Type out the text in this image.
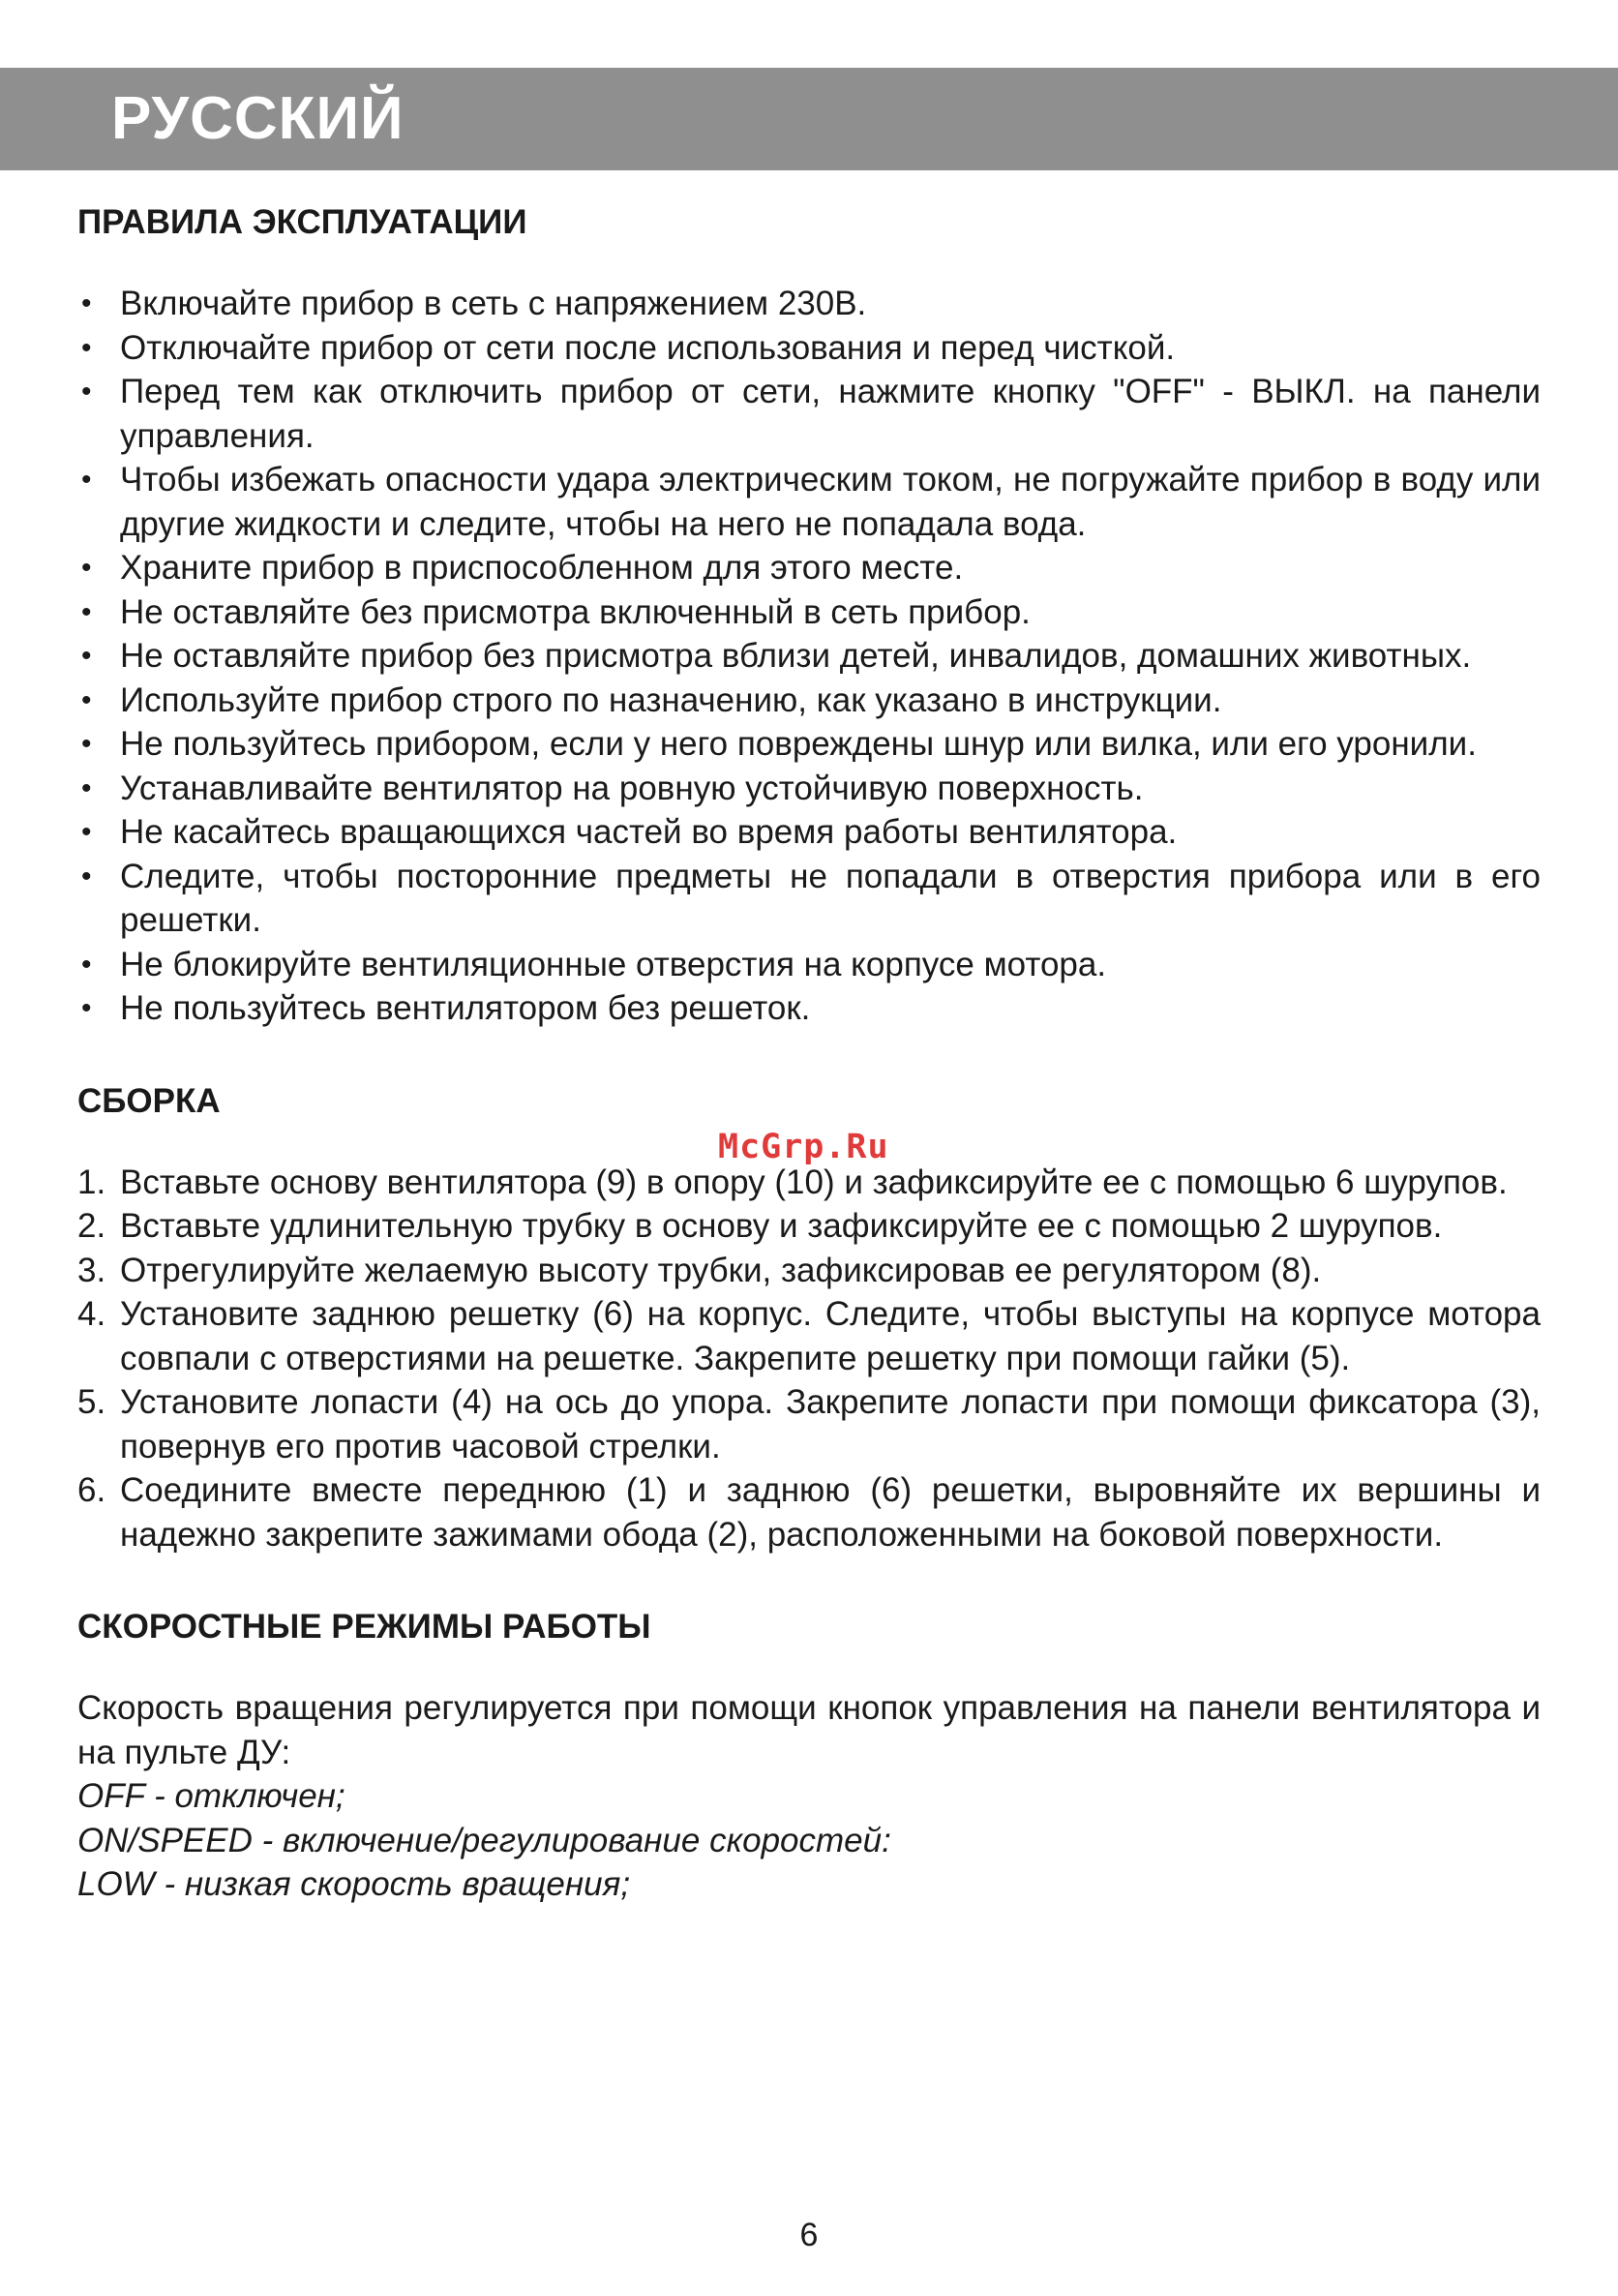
РУССКИЙ
ПРАВИЛА ЭКСПЛУАТАЦИИ
• Включайте прибор в сеть с напряжением 230В.
• Отключайте прибор от сети после использования и перед чисткой.
• Перед тем как отключить прибор от сети, нажмите кнопку "OFF" - ВЫКЛ. на панели управления.
• Чтобы избежать опасности удара электрическим током, не погружайте прибор в воду или другие жидкости и следите, чтобы на него не попадала вода.
• Храните прибор в приспособленном для этого месте.
• Не оставляйте без присмотра включенный в сеть прибор.
• Не оставляйте прибор без присмотра вблизи детей, инвалидов, домашних животных.
• Используйте прибор строго по назначению, как указано в инструкции.
• Не пользуйтесь прибором, если у него повреждены шнур или вилка, или его уронили.
• Устанавливайте вентилятор на ровную устойчивую поверхность.
• Не касайтесь вращающихся частей во время работы вентилятора.
• Следите, чтобы посторонние предметы не попадали в отверстия прибора или в его решетки.
• Не блокируйте вентиляционные отверстия на корпусе мотора.
• Не пользуйтесь вентилятором без решеток.
СБОРКА
1. Вставьте основу вентилятора (9) в опору (10) и зафиксируйте ее с помощью 6 шурупов.
2. Вставьте удлинительную трубку в основу и зафиксируйте ее с помощью 2 шурупов.
3. Отрегулируйте желаемую высоту трубки, зафиксировав ее регулятором (8).
4. Установите заднюю решетку (6) на корпус. Следите, чтобы выступы на корпусе мотора совпали с отверстиями на решетке. Закрепите решетку при помощи гайки (5).
5. Установите лопасти (4) на ось до упора. Закрепите лопасти при помощи фиксатора (3), повернув его против часовой стрелки.
6. Соедините вместе переднюю (1) и заднюю (6) решетки, выровняйте их вершины и надежно закрепите зажимами обода (2), расположенными на боковой поверхности.
СКОРОСТНЫЕ РЕЖИМЫ РАБОТЫ

Скорость вращения регулируется при помощи кнопок управления на панели вентилятора и на пульте ДУ:

OFF - отключен;

ON/SPEED - включение/регулирование скоростей:

LOW - низкая скорость вращения;

McGrp.Ru
6
